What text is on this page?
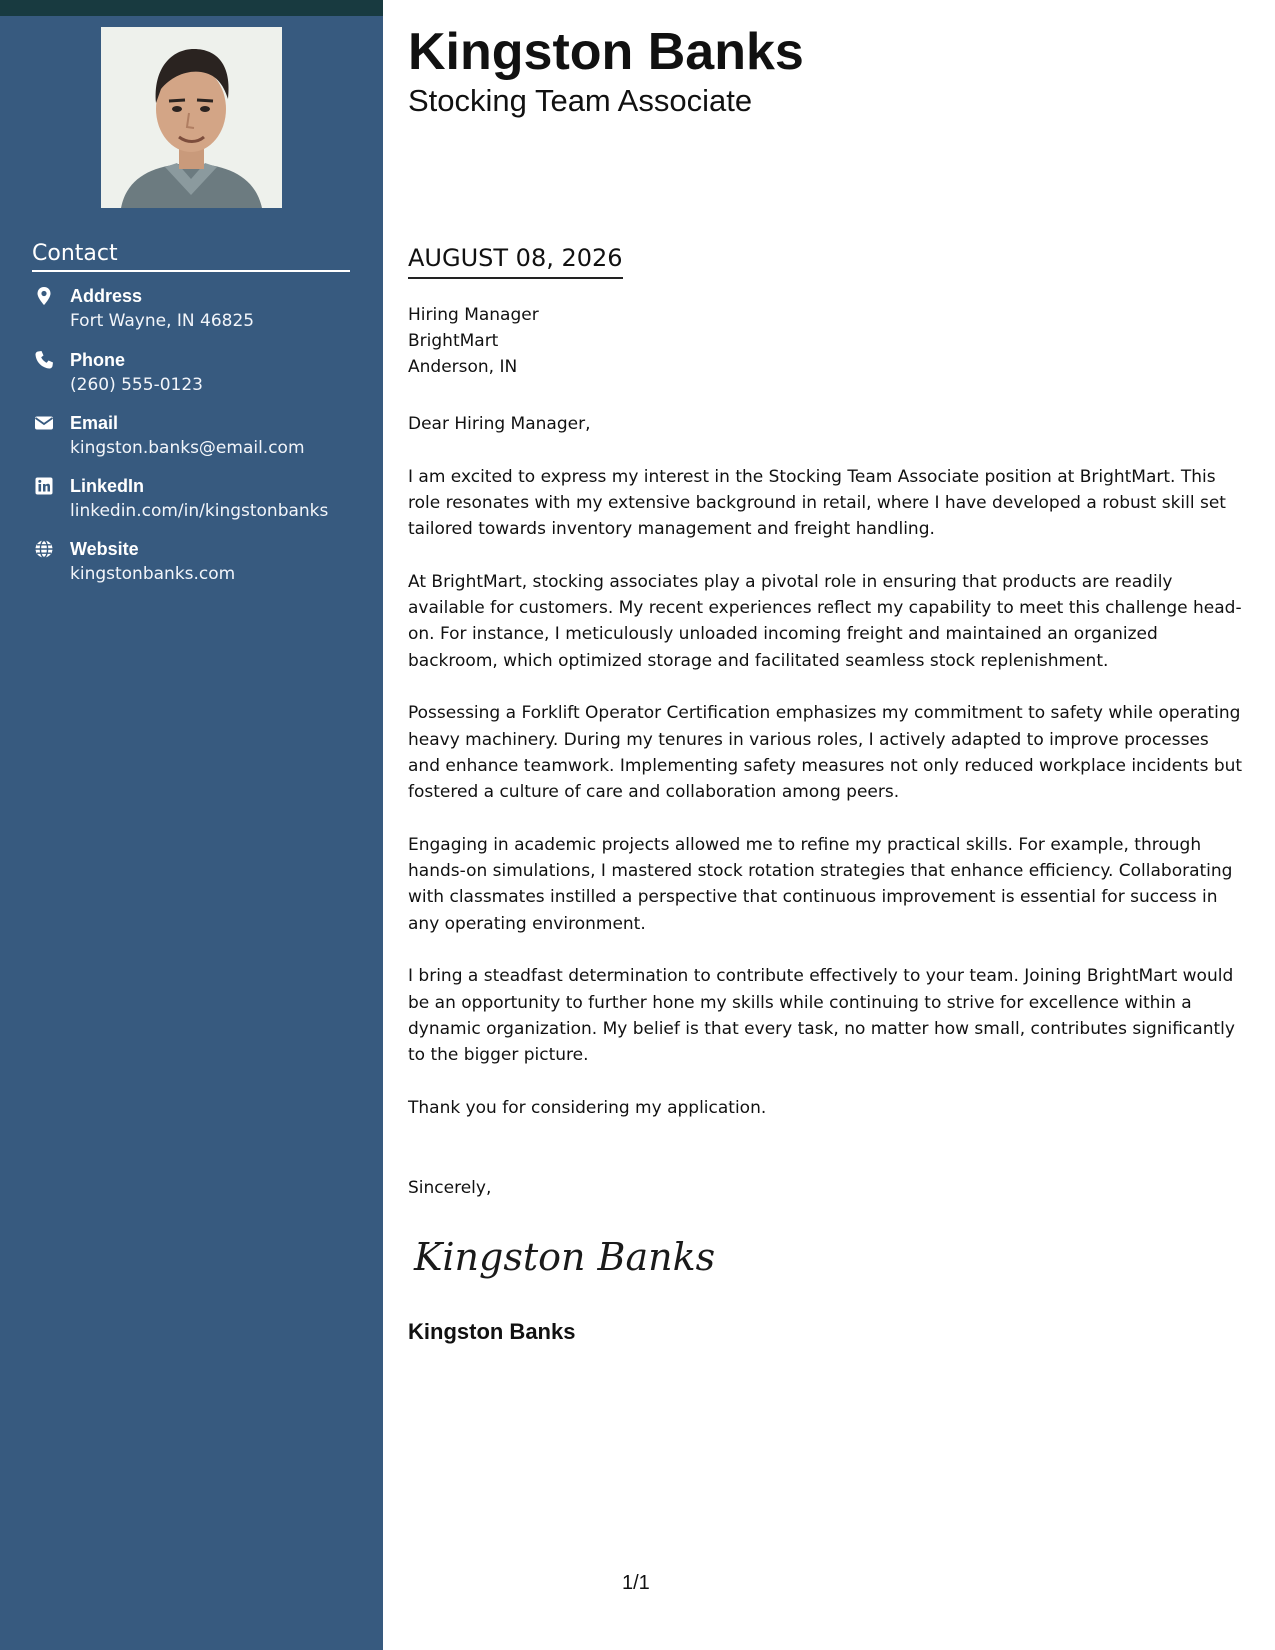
Contact
Address
Fort Wayne, IN 46825
Phone
(260) 555-0123
Email
kingston.banks@email.com
LinkedIn
linkedin.com/in/kingstonbanks
Website
kingstonbanks.com
Kingston Banks
Stocking Team Associate
AUGUST 08, 2026
Hiring Manager
BrightMart
Anderson, IN

Dear Hiring Manager,

I am excited to express my interest in the Stocking Team Associate position at BrightMart. This role resonates with my extensive background in retail, where I have developed a robust skill set tailored towards inventory management and freight handling.

At BrightMart, stocking associates play a pivotal role in ensuring that products are readily available for customers. My recent experiences reflect my capability to meet this challenge head-on. For instance, I meticulously unloaded incoming freight and maintained an organized backroom, which optimized storage and facilitated seamless stock replenishment.

Possessing a Forklift Operator Certification emphasizes my commitment to safety while operating heavy machinery. During my tenures in various roles, I actively adapted to improve processes and enhance teamwork. Implementing safety measures not only reduced workplace incidents but fostered a culture of care and collaboration among peers.

Engaging in academic projects allowed me to refine my practical skills. For example, through hands-on simulations, I mastered stock rotation strategies that enhance efficiency. Collaborating with classmates instilled a perspective that continuous improvement is essential for success in any operating environment.

I bring a steadfast determination to contribute effectively to your team. Joining BrightMart would be an opportunity to further hone my skills while continuing to strive for excellence within a dynamic organization. My belief is that every task, no matter how small, contributes significantly to the bigger picture.

Thank you for considering my application.

Sincerely,
Kingston Banks
Kingston Banks
1/1
